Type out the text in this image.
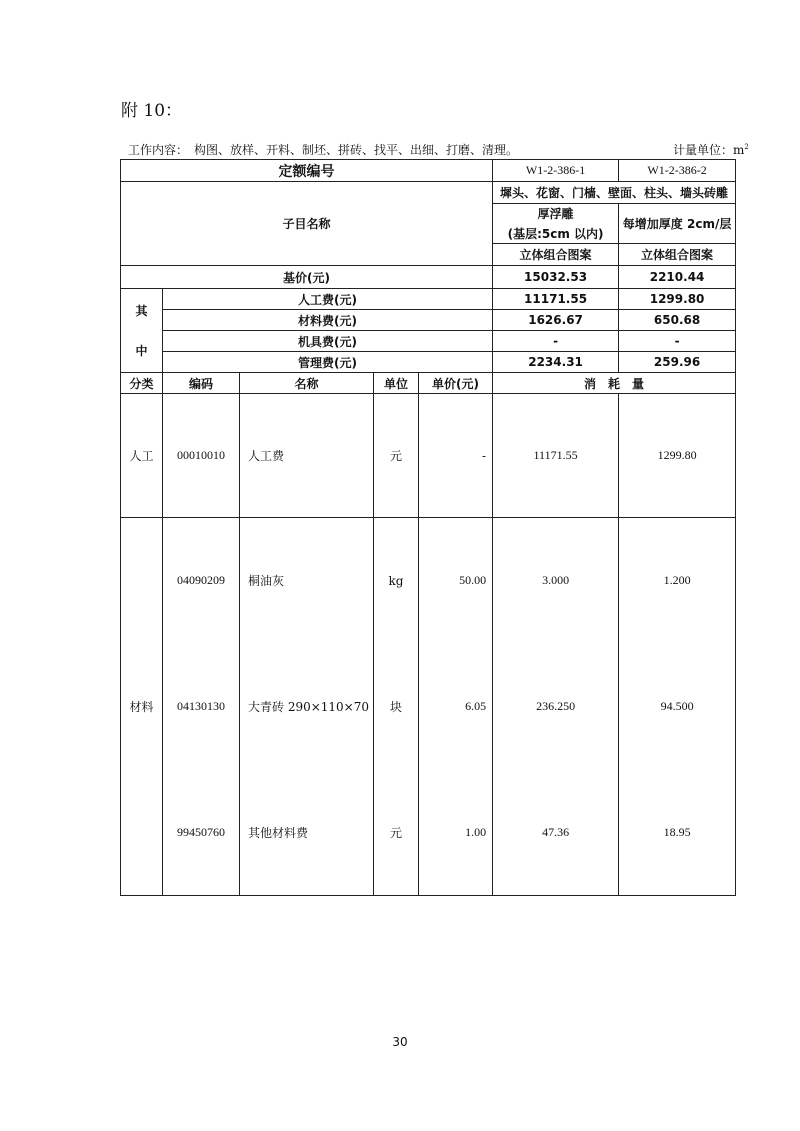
附 10：
工作内容：　构图、放样、开料、制坯、拼砖、找平、出细、打磨、清理。	计量单位：$m^2$
定额编号					W1-2-386-1	W1-2-386-2
子目名称					墀头、花窗、门樯、壁面、柱头、墙头砖雕	
					厚浮雕	每增加厚度 2cm/层
					(基层:5cm 以内)	
					立体组合图案	立体组合图案
基价(元)					15032.53	2210.44
其

中	人工费(元)				11171.55	1299.80
	材料费(元)				1626.67	650.68
	机具费(元)				-	-
	管理费(元)				2234.31	259.96
分类	编码	名称	单位	单价(元)	消　耗　量	
人工	00010010	人工费	元	-	11171.55	1299.80
材料	04090209	桐油灰	kg	50.00	3.000	1.200
	04130130	大青砖 290×110×70	块	6.05	236.250	94.500
	99450760	其他材料费	元	1.00	47.36	18.95
30
